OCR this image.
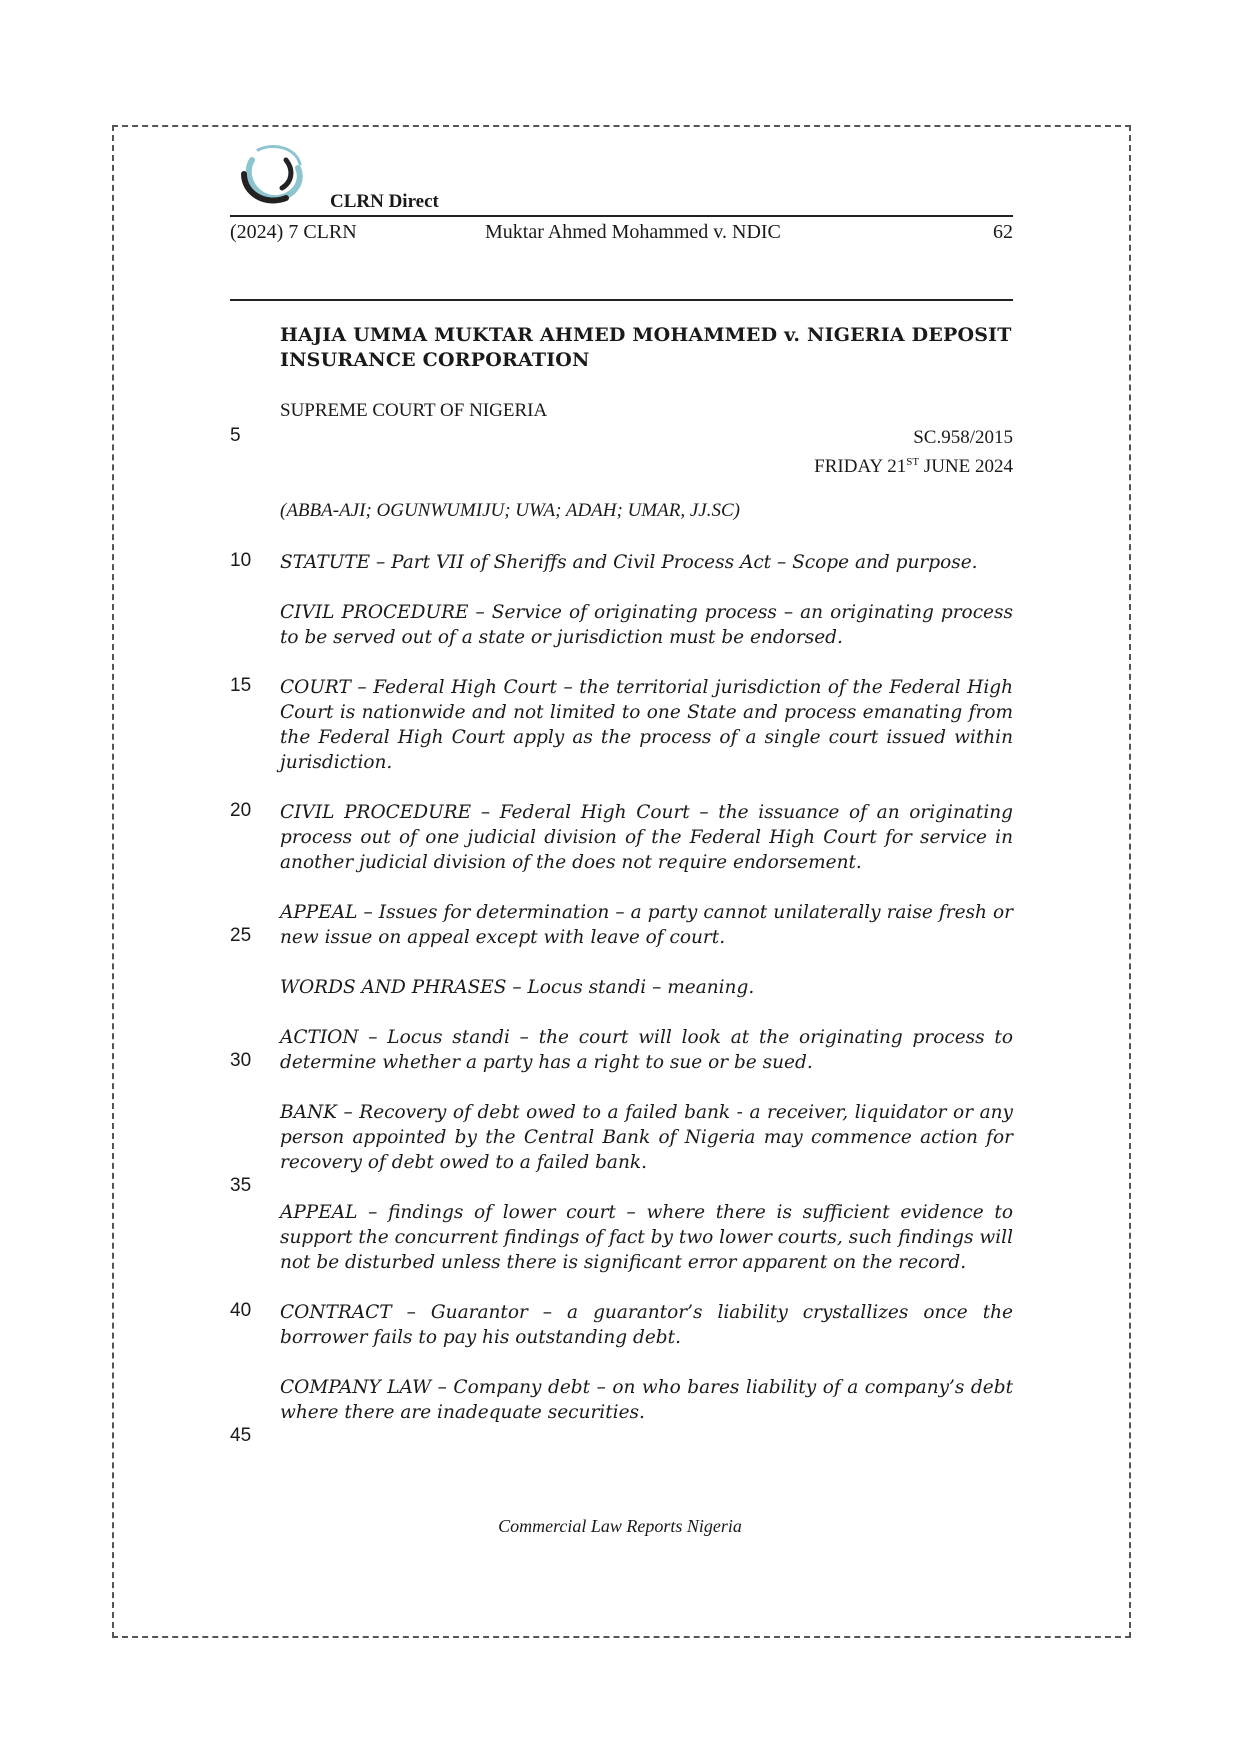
CLRN Direct
(2024) 7 CLRN	Muktar Ahmed Mohammed v. NDIC	62
HAJIA UMMA MUKTAR AHMED MOHAMMED v. NIGERIA DEPOSIT INSURANCE CORPORATION
SUPREME COURT OF NIGERIA
SC.958/2015
FRIDAY 21ST JUNE 2024
(ABBA-AJI; OGUNWUMIJU; UWA; ADAH; UMAR, JJ.SC)
5
10
15
20
25
30
35
40
45
STATUTE – Part VII of Sheriffs and Civil Process Act – Scope and purpose.
CIVIL PROCEDURE – Service of originating process – an originating process to be served out of a state or jurisdiction must be endorsed.
COURT – Federal High Court – the territorial jurisdiction of the Federal High Court is nationwide and not limited to one State and process emanating from the Federal High Court apply as the process of a single court issued within jurisdiction.
CIVIL PROCEDURE – Federal High Court – the issuance of an originating process out of one judicial division of the Federal High Court for service in another judicial division of the does not require endorsement.
APPEAL – Issues for determination – a party cannot unilaterally raise fresh or new issue on appeal except with leave of court.
WORDS AND PHRASES – Locus standi – meaning.
ACTION – Locus standi – the court will look at the originating process to determine whether a party has a right to sue or be sued.
BANK – Recovery of debt owed to a failed bank - a receiver, liquidator or any person appointed by the Central Bank of Nigeria may commence action for recovery of debt owed to a failed bank.
APPEAL – findings of lower court – where there is sufficient evidence to support the concurrent findings of fact by two lower courts, such findings will not be disturbed unless there is significant error apparent on the record.
CONTRACT – Guarantor – a guarantor’s liability crystallizes once the borrower fails to pay his outstanding debt.
COMPANY LAW – Company debt – on who bares liability of a company’s debt where there are inadequate securities.
Commercial Law Reports Nigeria
